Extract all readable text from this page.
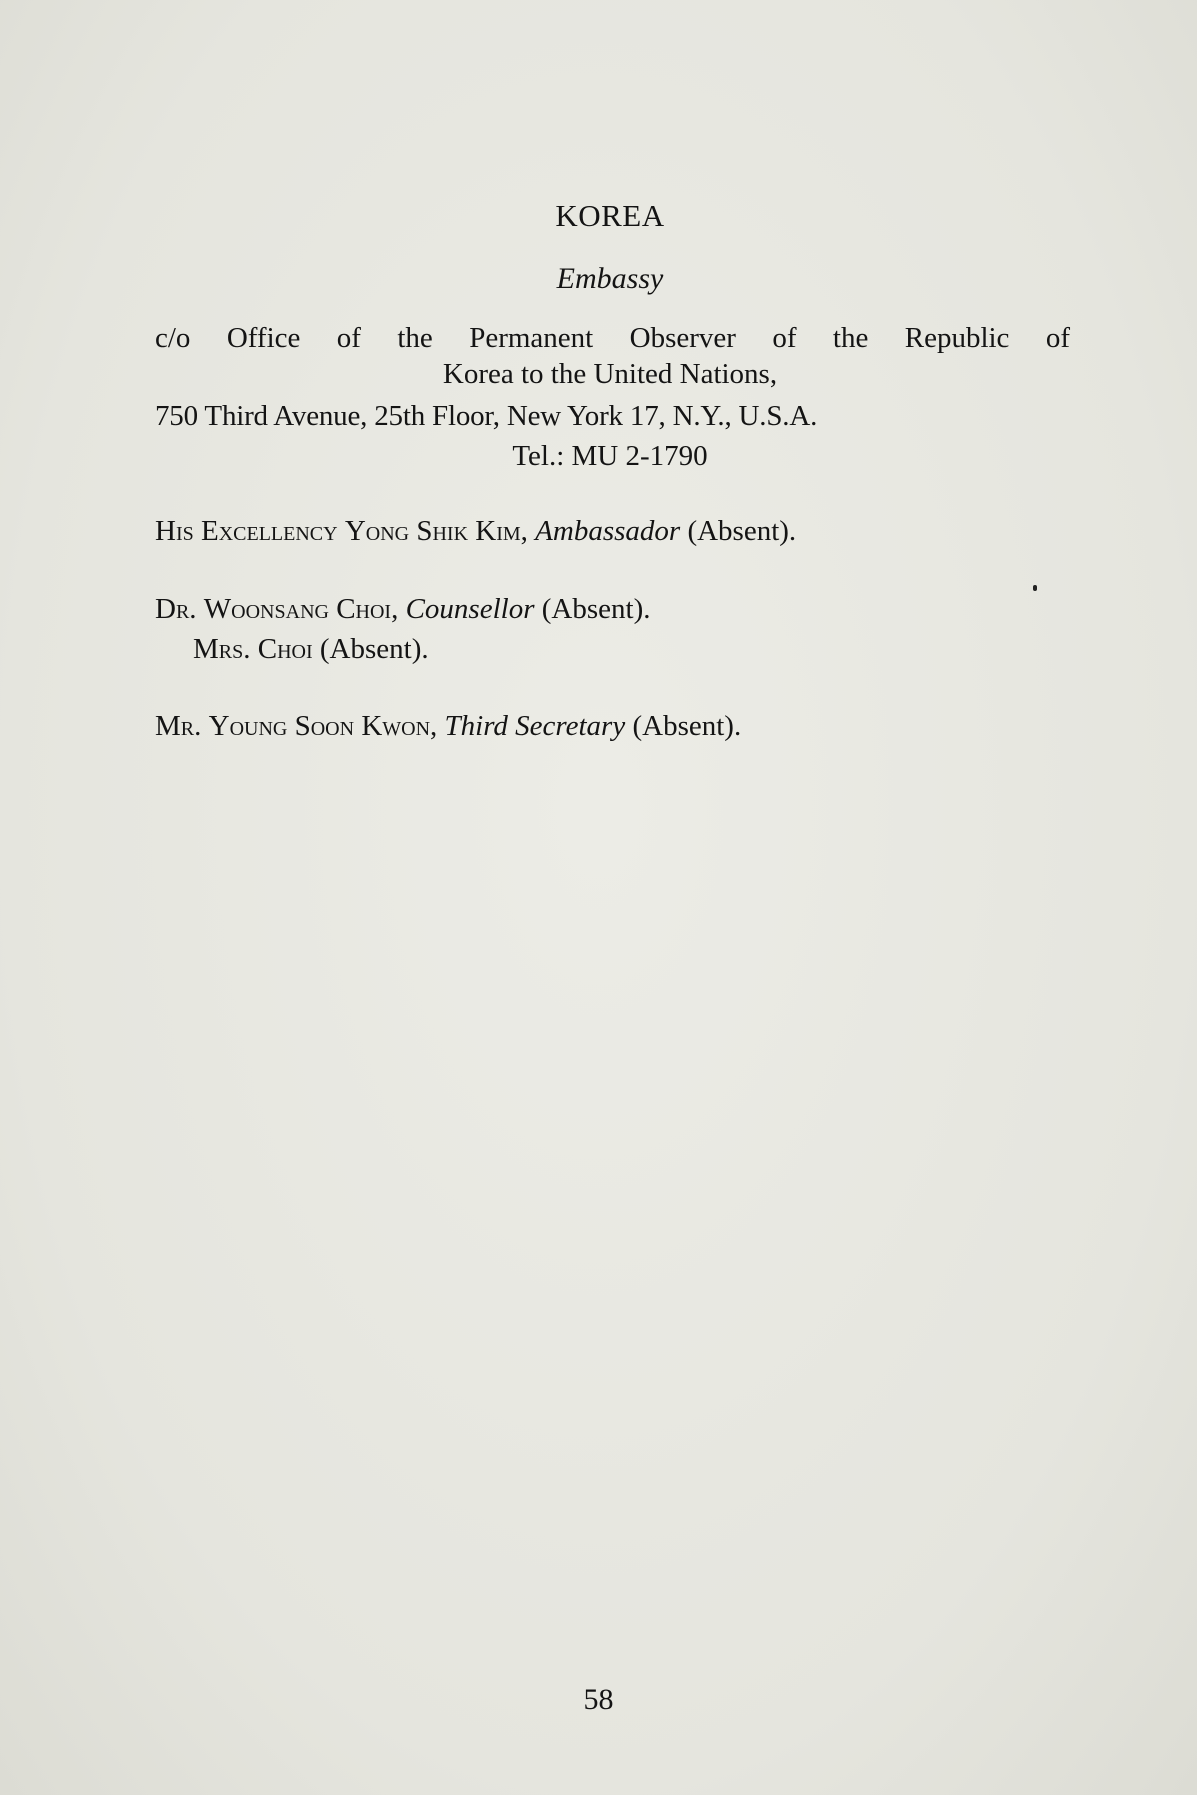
KOREA
Embassy
c/o Office of the Permanent Observer of the Republic of
Korea to the United Nations,
750 Third Avenue, 25th Floor, New York 17, N.Y., U.S.A.
Tel.: MU 2-1790
His Excellency Yong Shik Kim, Ambassador (Absent).
Dr. Woonsang Choi, Counsellor (Absent).
Mrs. Choi (Absent).
Mr. Young Soon Kwon, Third Secretary (Absent).
58
